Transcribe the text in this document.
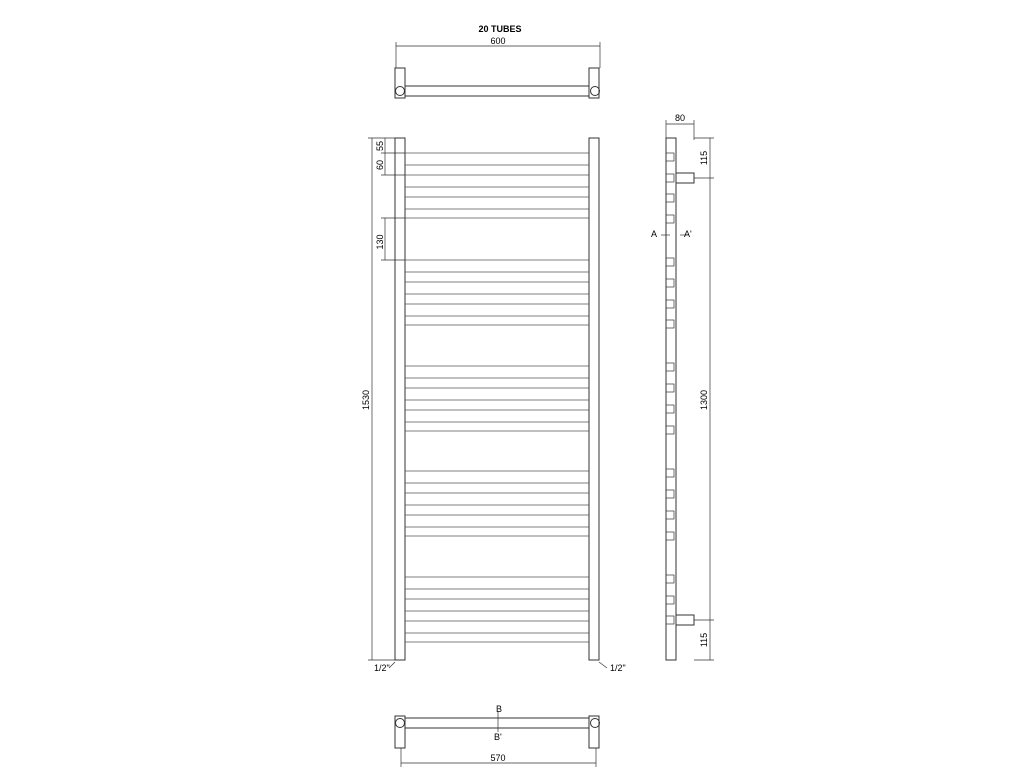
20 TUBES
600
1530
55
60
130
1/2"	1/2"
80
115
1300
115
A	A'
B
B'
570
